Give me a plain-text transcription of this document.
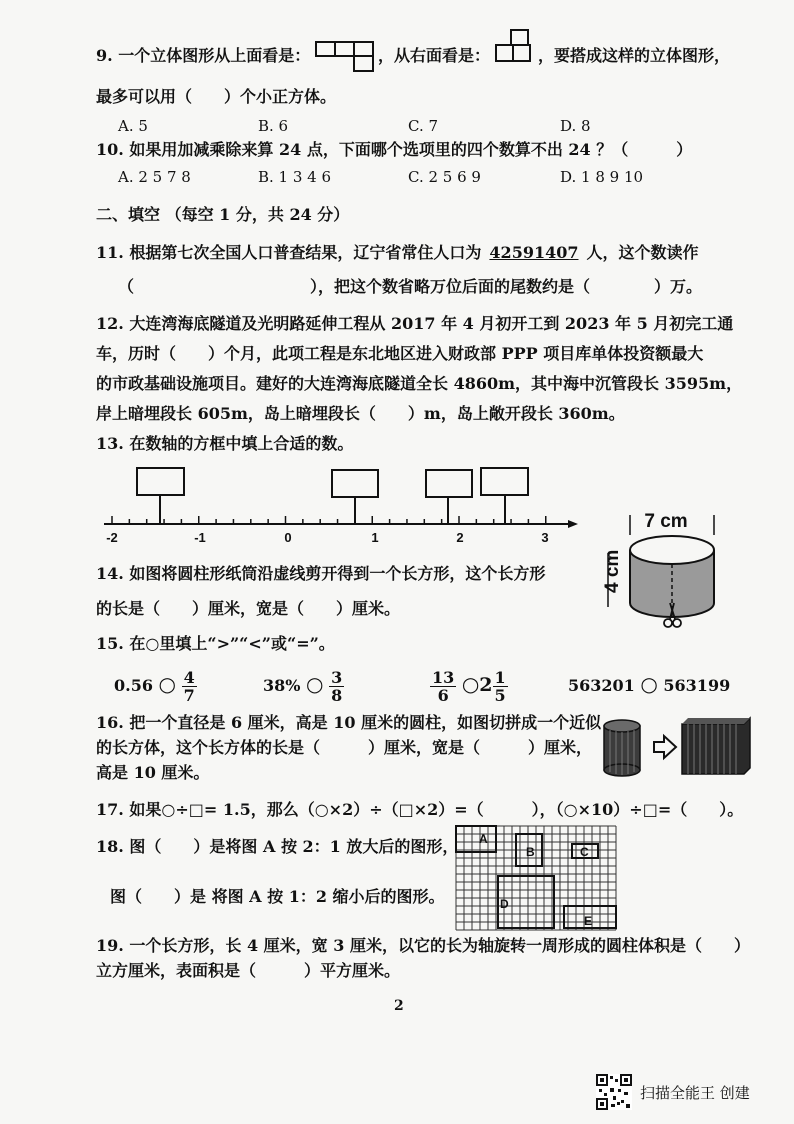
9. 一个立体图形从上面看是：	，从右面看是：	，要搭成这样的立体图形，
最多可以用（　　）个小正方体。
A. 5	B. 6	C. 7	D. 8
10. 如果用加减乘除来算 24 点，下面哪个选项里的四个数算不出 24 ？（　　　）
A. 2 5 7 8	B. 1 3 4 6	C. 2 5 6 9	D. 1 8 9 10
二、填空 （每空 1 分，共 24 分）
11. 根据第七次全国人口普查结果，辽宁省常住人口为 42591407 人，这个数读作
（　　　　　　　　　　　），把这个数省略万位后面的尾数约是（　　　　）万。
12. 大连湾海底隧道及光明路延伸工程从 2017 年 4 月初开工到 2023 年 5 月初完工通
车，历时（　　）个月，此项工程是东北地区进入财政部 PPP 项目库单体投资额最大
的市政基础设施项目。建好的大连湾海底隧道全长 4860m，其中海中沉管段长 3595m，
岸上暗埋段长 605m，岛上暗埋段长（　　）m，岛上敞开段长 360m。
13. 在数轴的方框中填上合适的数。
-2	-1	0	1	2	3
7 cm
4 cm
14. 如图将圆柱形纸筒沿虚线剪开得到一个长方形，这个长方形
的长是（　　）厘米，宽是（　　）厘米。
15. 在○里填上“>”“<”或“=”。
0.56 ○ $\frac{4}{7}$	38% ○ $\frac{3}{8}$	$\frac{13}{6}$ ○2 $\frac{1}{5}$	563201 ○ 563199
16. 把一个直径是 6 厘米，高是 10 厘米的圆柱，如图切拼成一个近似
的长方体，这个长方体的长是（　　　）厘米，宽是（　　　）厘米，
高是 10 厘米。
17. 如果○÷□= 1.5，那么（○×2）÷（□×2）=（　　　），（○×10）÷□=（　　）。
18. 图（　　）是将图 A 按 2：1 放大后的图形，
图（　　）是 将图 A 按 1：2 缩小后的图形。
A
B	C
D
E
19. 一个长方形，长 4 厘米，宽 3 厘米，以它的长为轴旋转一周形成的圆柱体积是（　　）
立方厘米，表面积是（　　　）平方厘米。
2
扫描全能王 创建
